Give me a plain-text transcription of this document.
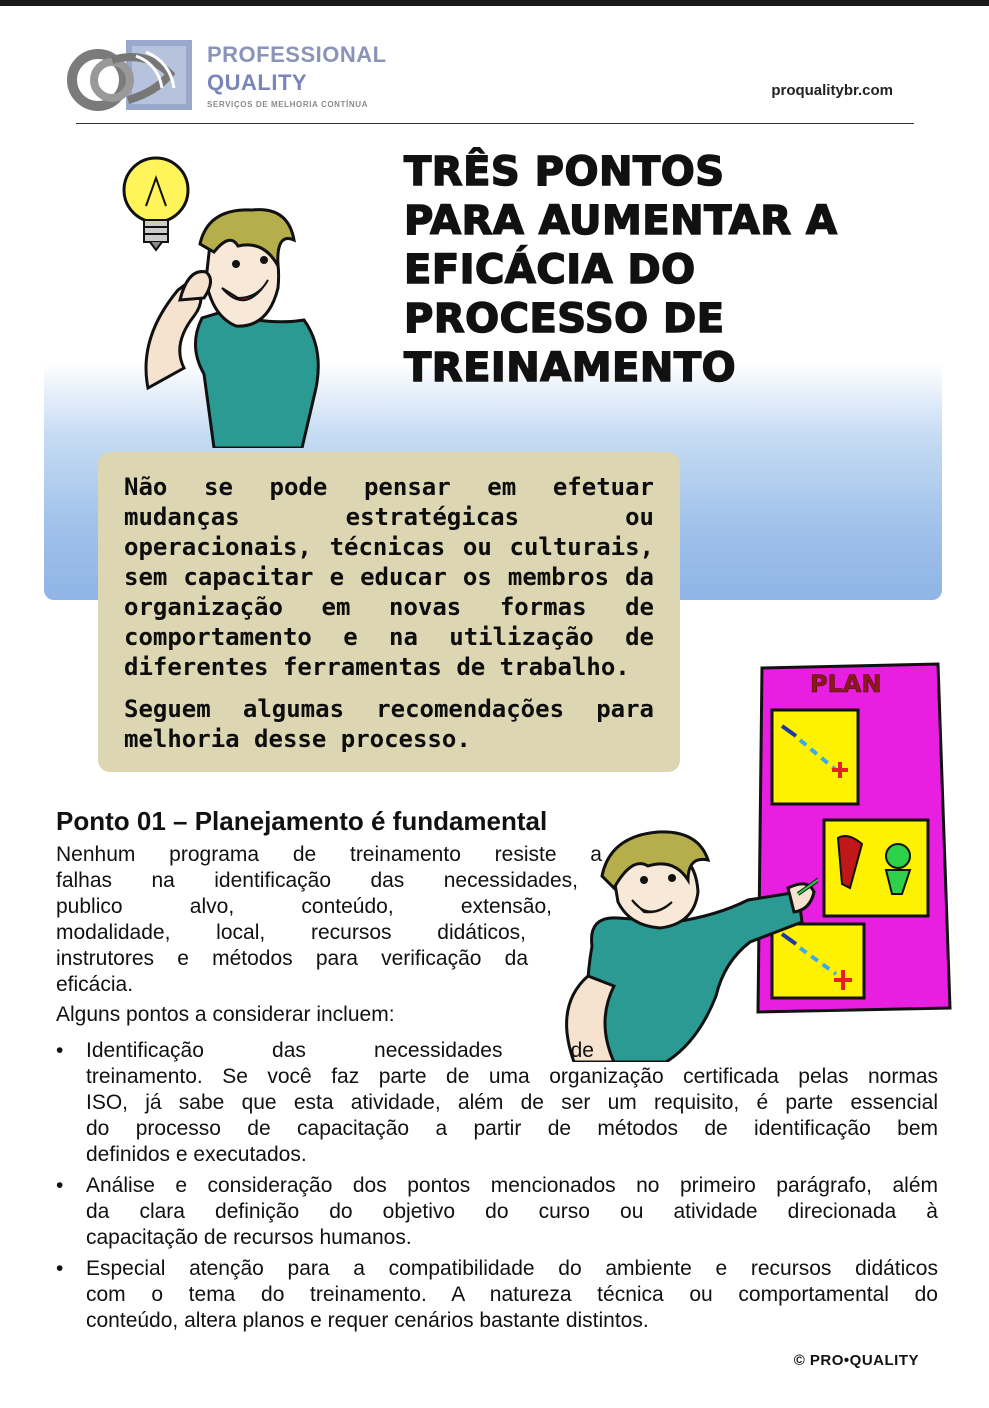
PROFESSIONAL
QUALITY
SERVIÇOS DE MELHORIA CONTÍNUA
proqualitybr.com
TRÊS PONTOS
PARA AUMENTAR A
EFICÁCIA DO
PROCESSO DE
TREINAMENTO

Não se pode pensar em efetuar mudanças estratégicas ou operacionais, técnicas ou culturais, sem capacitar e educar os membros da organização em novas formas de comportamento e na utilização de diferentes ferramentas de trabalho.

Seguem algumas recomendações para melhoria desse processo.

PLAN
Ponto 01 – Planejamento é fundamental
Nenhum programa de treinamento resiste a
falhas na identificação das necessidades,
publico alvo, conteúdo, extensão,
modalidade, local, recursos didáticos,
instrutores e métodos para verificação da
eficácia.
Alguns pontos a considerar incluem:
• Identificação das necessidades de
treinamento. Se você faz parte de uma organização certificada pelas normas
ISO, já sabe que esta atividade, além de ser um requisito, é parte essencial
do processo de capacitação a partir de métodos de identificação bem
definidos e executados.
• Análise e consideração dos pontos mencionados no primeiro parágrafo, além
da clara definição do objetivo do curso ou atividade direcionada à
capacitação de recursos humanos.
• Especial atenção para a compatibilidade do ambiente e recursos didáticos
com o tema do treinamento. A natureza técnica ou comportamental do
conteúdo, altera planos e requer cenários bastante distintos.
© PRO•QUALITY
